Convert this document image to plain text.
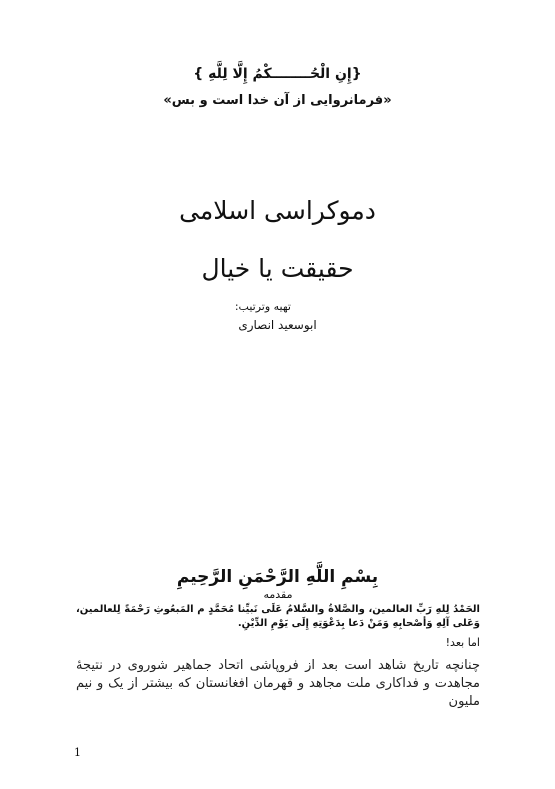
{إِنِ الْحُــــــــكْمُ إِلَّا لِلَّهِ }
«فرمانروایی از آن خدا است و بس»
دموکراسی اسلامی
حقیقت یا خیال
تهیه وترتیب:
ابوسعید انصاری
بِسْمِ اللَّهِ الرَّحْمَنِ الرَّحِيمِ
مقدمه
الحَمْدُ لِلهِ رَبِّ العالمين، والصَّلاةُ والسَّلامُ عَلَى نَبيِّنا مُحَمَّدٍ م المَبعُوثِ رَحْمَةً لِلعالمين، وَعَلى آلِهِ وَأصْحابِهِ وَمَنْ دَعا بِدَعْوَتِهِ إِلَى يَوْمِ الدِّيْنِ.
اما بعد!
چنانچه تاریخ شاهد است بعد از فروپاشی اتحاد جماهیر شوروی در نتیجۀ مجاهدت و فداکاری ملت مجاهد و قهرمان افغانستان که بیشتر از یک و نیم ملیون
1
